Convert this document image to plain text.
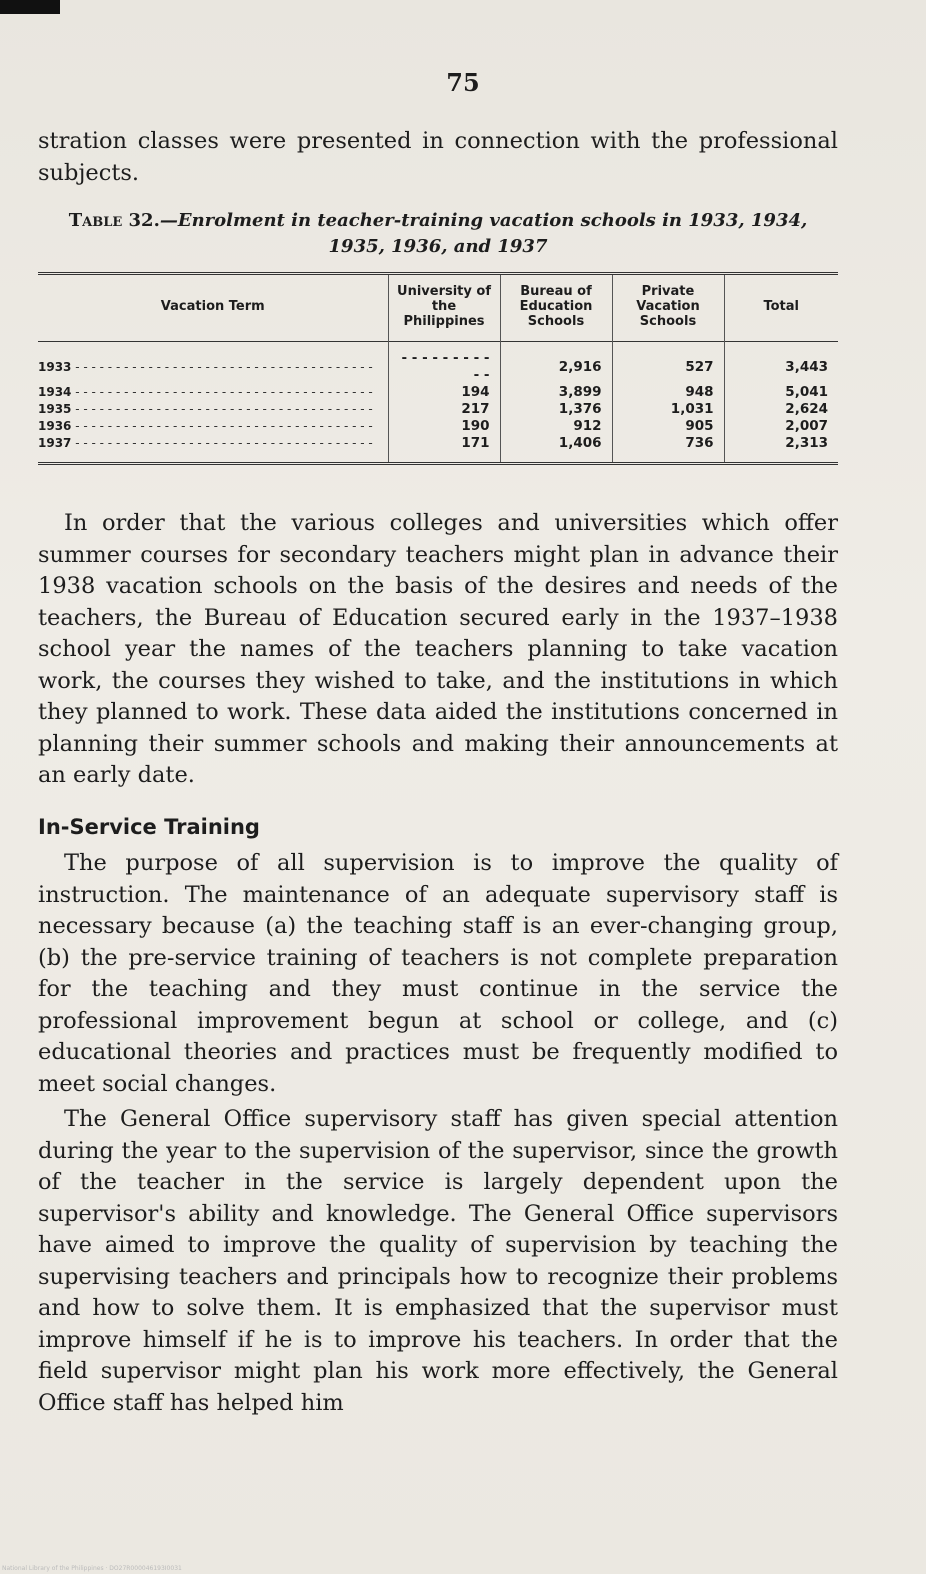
75
stration classes were presented in connection with the professional subjects.
Table 32.—Enrolment in teacher-training vacation schools in 1933, 1934, 1935, 1936, and 1937
Vacation Term	University of the Philippines	Bureau of Education Schools	Private Vacation Schools	Total
1933 - - -	- - - - - - - - - - -	2,916	527	3,443
1934 - - -	194	3,899	948	5,041
1935 - - -	217	1,376	1,031	2,624
1936 - - -	190	912	905	2,007
1937 - - -	171	1,406	736	2,313
In order that the various colleges and universities which offer summer courses for secondary teachers might plan in advance their 1938 vacation schools on the basis of the desires and needs of the teachers, the Bureau of Education secured early in the 1937–1938 school year the names of the teachers planning to take vacation work, the courses they wished to take, and the institutions in which they planned to work. These data aided the institutions concerned in planning their summer schools and making their announcements at an early date.
In-Service Training
The purpose of all supervision is to improve the quality of instruction. The maintenance of an adequate supervisory staff is necessary because (a) the teaching staff is an ever-changing group, (b) the pre-service training of teachers is not complete preparation for the teaching and they must continue in the service the professional improvement begun at school or college, and (c) educational theories and practices must be frequently modified to meet social changes.
The General Office supervisory staff has given special attention during the year to the supervision of the supervisor, since the growth of the teacher in the service is largely dependent upon the supervisor's ability and knowledge. The General Office supervisors have aimed to improve the quality of supervision by teaching the supervising teachers and principals how to recognize their problems and how to solve them. It is emphasized that the supervisor must improve himself if he is to improve his teachers. In order that the field supervisor might plan his work more effectively, the General Office staff has helped him
National Library of the Philippines · DO27R000046193I0031
